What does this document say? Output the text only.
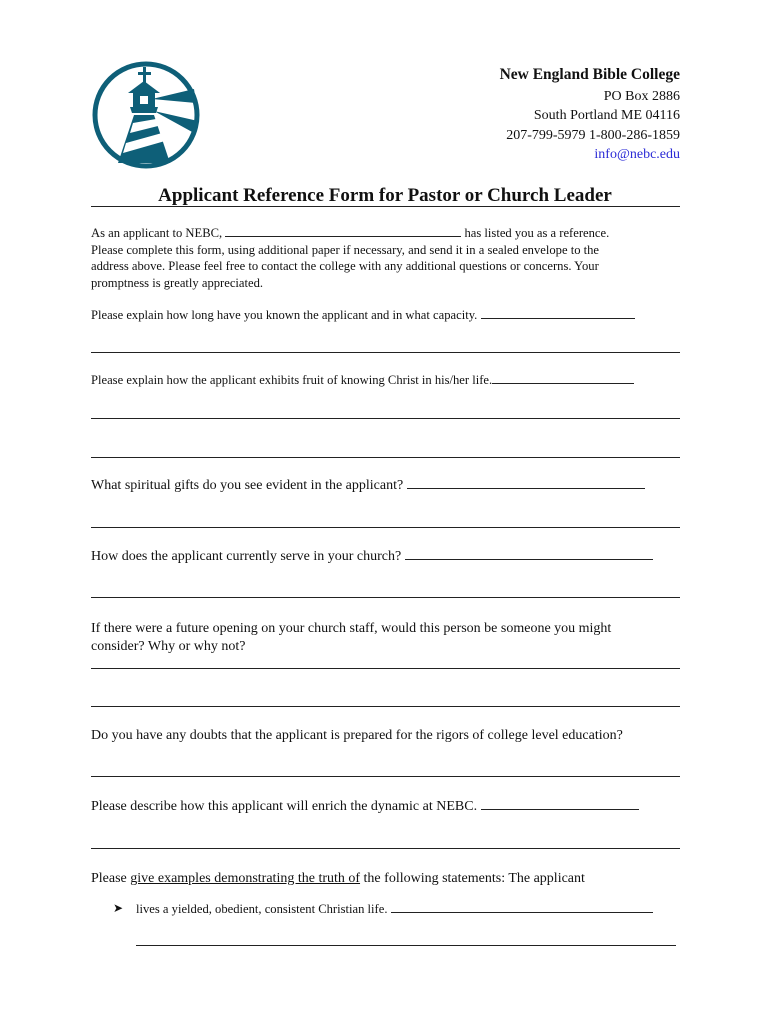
New England Bible College
PO Box 2886
South Portland ME 04116
207-799-5979 1-800-286-1859
info@nebc.edu
Applicant Reference Form for Pastor or Church Leader
As an applicant to NEBC,	has listed you as a reference.
Please complete this form, using additional paper if necessary, and send it in a sealed envelope to the
address above. Please feel free to contact the college with any additional questions or concerns. Your
promptness is greatly appreciated.
Please explain how long have you known the applicant and in what capacity.
Please explain how the applicant exhibits fruit of knowing Christ in his/her life.
What spiritual gifts do you see evident in the applicant?
How does the applicant currently serve in your church?
If there were a future opening on your church staff, would this person be someone you might
consider? Why or why not?
Do you have any doubts that the applicant is prepared for the rigors of college level education?
Please describe how this applicant will enrich the dynamic at NEBC.
Please give examples demonstrating the truth of the following statements: The applicant
➤ lives a yielded, obedient, consistent Christian life.
